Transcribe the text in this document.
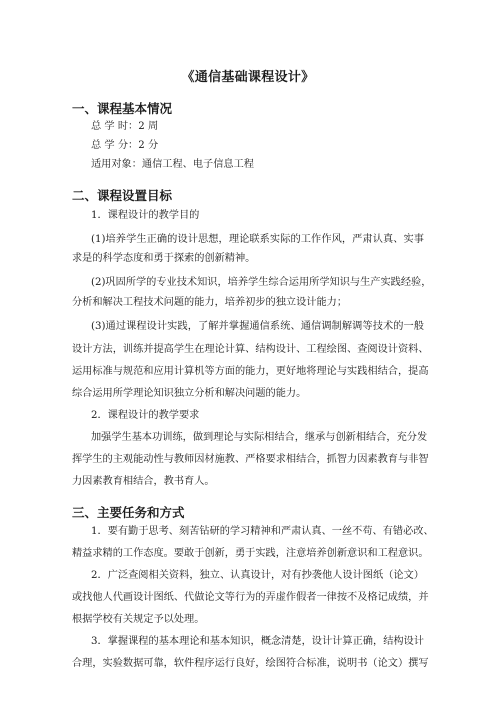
《通信基础课程设计》
一、课程基本情况

总 学 时：2 周

总 学 分：2 分

适用对象：通信工程、电子信息工程

二、课程设置目标

1．课程设计的教学目的

(1)培养学生正确的设计思想，理论联系实际的工作作风，严肃认真、实事

求是的科学态度和勇于探索的创新精神。

(2)巩固所学的专业技术知识，培养学生综合运用所学知识与生产实践经验，

分析和解决工程技术问题的能力，培养初步的独立设计能力；

(3)通过课程设计实践，了解并掌握通信系统、通信调制解调等技术的一般

设计方法，训练并提高学生在理论计算、结构设计、工程绘图、查阅设计资料、

运用标准与规范和应用计算机等方面的能力，更好地将理论与实践相结合，提高

综合运用所学理论知识独立分析和解决问题的能力。

2．课程设计的教学要求

加强学生基本功训练，做到理论与实际相结合，继承与创新相结合，充分发

挥学生的主观能动性与教师因材施教、严格要求相结合，抓智力因素教育与非智

力因素教育相结合，教书育人。

三、主要任务和方式

1．要有勤于思考、刻苦钻研的学习精神和严肃认真、一丝不苟、有错必改、

精益求精的工作态度。要敢于创新，勇于实践，注意培养创新意识和工程意识。

2．广泛查阅相关资料，独立、认真设计，对有抄袭他人设计图纸（论文）

或找他人代画设计图纸、代做论文等行为的弄虚作假者一律按不及格记成绩，并

根据学校有关规定予以处理。

3．掌握课程的基本理论和基本知识，概念清楚，设计计算正确，结构设计

合理，实验数据可靠，软件程序运行良好，绘图符合标准，说明书（论文）撰写
